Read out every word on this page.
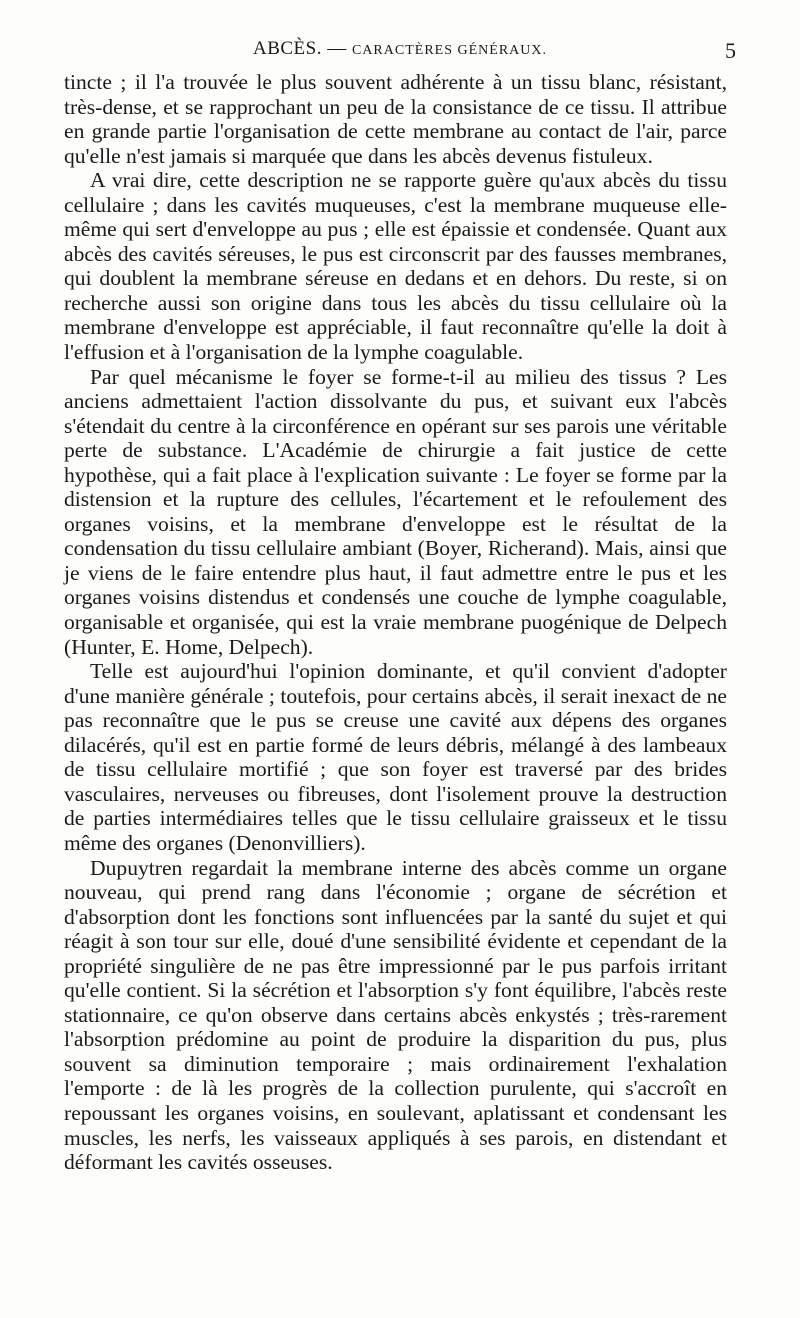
ABCÈS. — CARACTÈRES GÉNÉRAUX.	5

tincte ; il l'a trouvée le plus souvent adhérente à un tissu blanc, résistant, très-dense, et se rapprochant un peu de la consistance de ce tissu. Il attribue en grande partie l'organisation de cette membrane au contact de l'air, parce qu'elle n'est jamais si marquée que dans les abcès devenus fistuleux.

A vrai dire, cette description ne se rapporte guère qu'aux abcès du tissu cellulaire ; dans les cavités muqueuses, c'est la membrane muqueuse elle-même qui sert d'enveloppe au pus ; elle est épaissie et condensée. Quant aux abcès des cavités séreuses, le pus est circonscrit par des fausses membranes, qui doublent la membrane séreuse en dedans et en dehors. Du reste, si on recherche aussi son origine dans tous les abcès du tissu cellulaire où la membrane d'enveloppe est appréciable, il faut reconnaître qu'elle la doit à l'effusion et à l'organisation de la lymphe coagulable.

Par quel mécanisme le foyer se forme-t-il au milieu des tissus ? Les anciens admettaient l'action dissolvante du pus, et suivant eux l'abcès s'étendait du centre à la circonférence en opérant sur ses parois une véritable perte de substance. L'Académie de chirurgie a fait justice de cette hypothèse, qui a fait place à l'explication suivante : Le foyer se forme par la distension et la rupture des cellules, l'écartement et le refoulement des organes voisins, et la membrane d'enveloppe est le résultat de la condensation du tissu cellulaire ambiant (Boyer, Richerand). Mais, ainsi que je viens de le faire entendre plus haut, il faut admettre entre le pus et les organes voisins distendus et condensés une couche de lymphe coagulable, organisable et organisée, qui est la vraie membrane puogénique de Delpech (Hunter, E. Home, Delpech).

Telle est aujourd'hui l'opinion dominante, et qu'il convient d'adopter d'une manière générale ; toutefois, pour certains abcès, il serait inexact de ne pas reconnaître que le pus se creuse une cavité aux dépens des organes dilacérés, qu'il est en partie formé de leurs débris, mélangé à des lambeaux de tissu cellulaire mortifié ; que son foyer est traversé par des brides vasculaires, nerveuses ou fibreuses, dont l'isolement prouve la destruction de parties intermédiaires telles que le tissu cellulaire graisseux et le tissu même des organes (Denonvilliers).

Dupuytren regardait la membrane interne des abcès comme un organe nouveau, qui prend rang dans l'économie ; organe de sécrétion et d'absorption dont les fonctions sont influencées par la santé du sujet et qui réagit à son tour sur elle, doué d'une sensibilité évidente et cependant de la propriété singulière de ne pas être impressionné par le pus parfois irritant qu'elle contient. Si la sécrétion et l'absorption s'y font équilibre, l'abcès reste stationnaire, ce qu'on observe dans certains abcès enkystés ; très-rarement l'absorption prédomine au point de produire la disparition du pus, plus souvent sa diminution temporaire ; mais ordinairement l'exhalation l'emporte : de là les progrès de la collection purulente, qui s'accroît en repoussant les organes voisins, en soulevant, aplatissant et condensant les muscles, les nerfs, les vaisseaux appliqués à ses parois, en distendant et déformant les cavités osseuses.
